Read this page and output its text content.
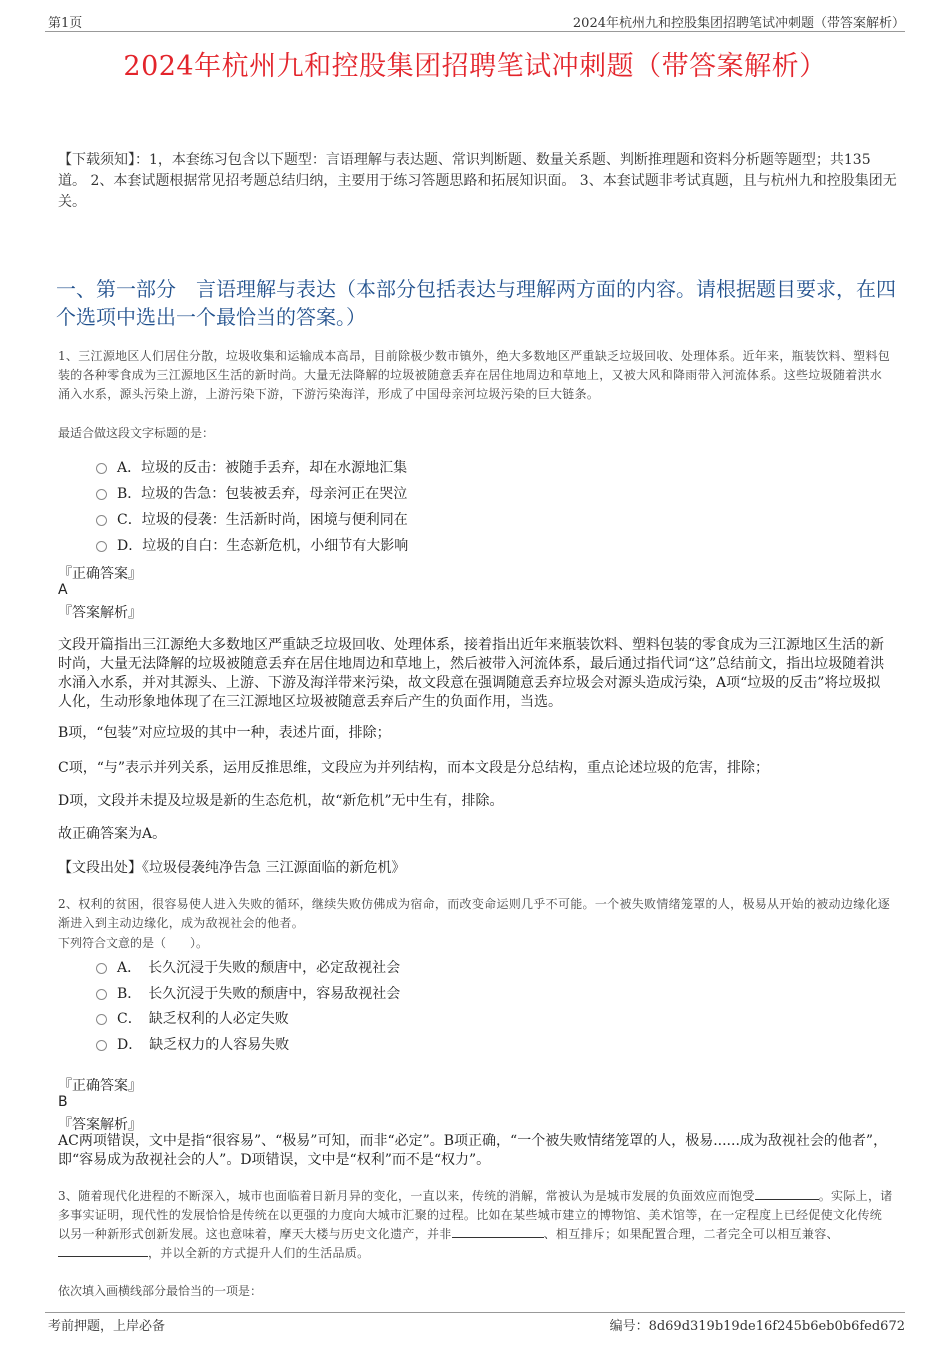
第1页	2024年杭州九和控股集团招聘笔试冲刺题（带答案解析）
2024年杭州九和控股集团招聘笔试冲刺题（带答案解析）
【下载须知】：1，本套练习包含以下题型：言语理解与表达题、常识判断题、数量关系题、判断推理题和资料分析题等题型；共135道。 2、本套试题根据常见招考题总结归纳，主要用于练习答题思路和拓展知识面。 3、本套试题非考试真题，且与杭州九和控股集团无关。
一、第一部分　言语理解与表达（本部分包括表达与理解两方面的内容。请根据题目要求，在四个选项中选出一个最恰当的答案。）
1、三江源地区人们居住分散，垃圾收集和运输成本高昂，目前除极少数市镇外，绝大多数地区严重缺乏垃圾回收、处理体系。近年来，瓶装饮料、塑料包装的各种零食成为三江源地区生活的新时尚。大量无法降解的垃圾被随意丢弃在居住地周边和草地上，又被大风和降雨带入河流体系。这些垃圾随着洪水涌入水系，源头污染上游，上游污染下游，下游污染海洋，形成了中国母亲河垃圾污染的巨大链条。
最适合做这段文字标题的是：
A．垃圾的反击：被随手丢弃，却在水源地汇集
B．垃圾的告急：包装被丢弃，母亲河正在哭泣
C．垃圾的侵袭：生活新时尚，困境与便利同在
D．垃圾的自白：生态新危机，小细节有大影响
『正确答案』
A
『答案解析』
文段开篇指出三江源绝大多数地区严重缺乏垃圾回收、处理体系，接着指出近年来瓶装饮料、塑料包装的零食成为三江源地区生活的新时尚，大量无法降解的垃圾被随意丢弃在居住地周边和草地上，然后被带入河流体系，最后通过指代词“这”总结前文，指出垃圾随着洪水涌入水系，并对其源头、上游、下游及海洋带来污染，故文段意在强调随意丢弃垃圾会对源头造成污染，A项“垃圾的反击”将垃圾拟人化，生动形象地体现了在三江源地区垃圾被随意丢弃后产生的负面作用，当选。
B项，“包装”对应垃圾的其中一种，表述片面，排除；
C项，“与”表示并列关系，运用反推思维，文段应为并列结构，而本文段是分总结构，重点论述垃圾的危害，排除；
D项，文段并未提及垃圾是新的生态危机，故“新危机”无中生有，排除。
故正确答案为A。
【文段出处】《垃圾侵袭纯净告急 三江源面临的新危机》
2、权利的贫困，很容易使人进入失败的循环，继续失败仿佛成为宿命，而改变命运则几乎不可能。一个被失败情绪笼罩的人，极易从开始的被动边缘化逐渐进入到主动边缘化，成为敌视社会的他者。
下列符合文意的是（　　）。
A．　长久沉浸于失败的颓唐中，必定敌视社会
B．　长久沉浸于失败的颓唐中，容易敌视社会
C．　缺乏权利的人必定失败
D．　缺乏权力的人容易失败
『正确答案』
B
『答案解析』
AC两项错误，文中是指“很容易”、“极易”可知，而非“必定”。B项正确，“一个被失败情绪笼罩的人，极易......成为敌视社会的他者”，即“容易成为敌视社会的人”。D项错误，文中是“权利”而不是“权力”。
3、随着现代化进程的不断深入，城市也面临着日新月异的变化，一直以来，传统的消解，常被认为是城市发展的负面效应而饱受	。实际上，诸多事实证明，现代性的发展恰恰是传统在以更强的力度向大城市汇聚的过程。比如在某些城市建立的博物馆、美术馆等，在一定程度上已经促使文化传统以另一种新形式创新发展。这也意味着，摩天大楼与历史文化遗产，并非	、相互排斥；如果配置合理，二者完全可以相互兼容、，并以全新的方式提升人们的生活品质。
依次填入画横线部分最恰当的一项是：
考前押题，上岸必备	编号：8d69d319b19de16f245b6eb0b6fed672
